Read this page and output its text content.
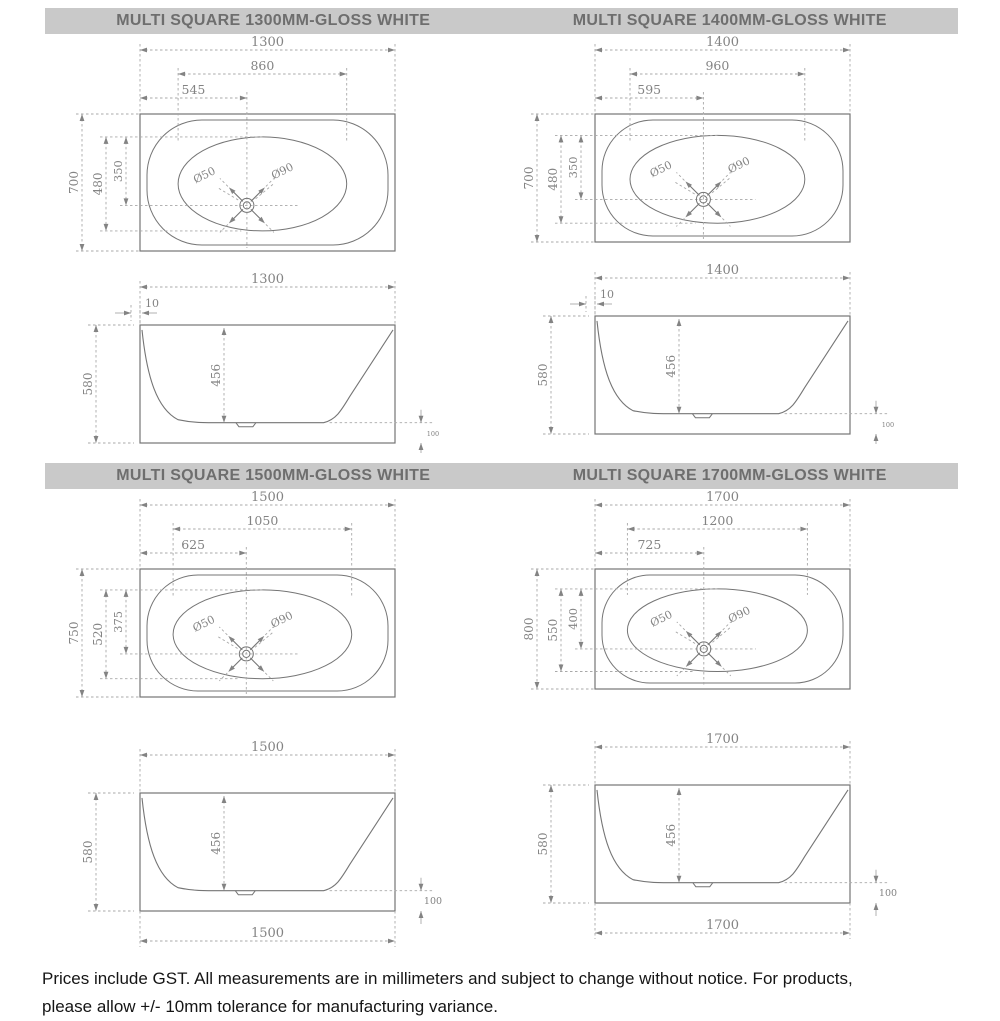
MULTI SQUARE 1300MM-GLOSS WHITE	MULTI SQUARE 1400MM-GLOSS WHITE
1300
860
545
700 480
350	Ø50	Ø90
1300
10
580	456
100
1400
960
595
700 480
350	Ø50	Ø90
1400
10
580	456
100
MULTI SQUARE 1500MM-GLOSS WHITE	MULTI SQUARE 1700MM-GLOSS WHITE
1500
1050
625
750 520
375	Ø50	Ø90
1500
580	456
100
1500
1700
1200
725
800 550 400	Ø50	Ø90
1700
580	456
100
1700
Prices include GST. All measurements are in millimeters and subject to change without notice. For products,
please allow +/- 10mm tolerance for manufacturing variance.
